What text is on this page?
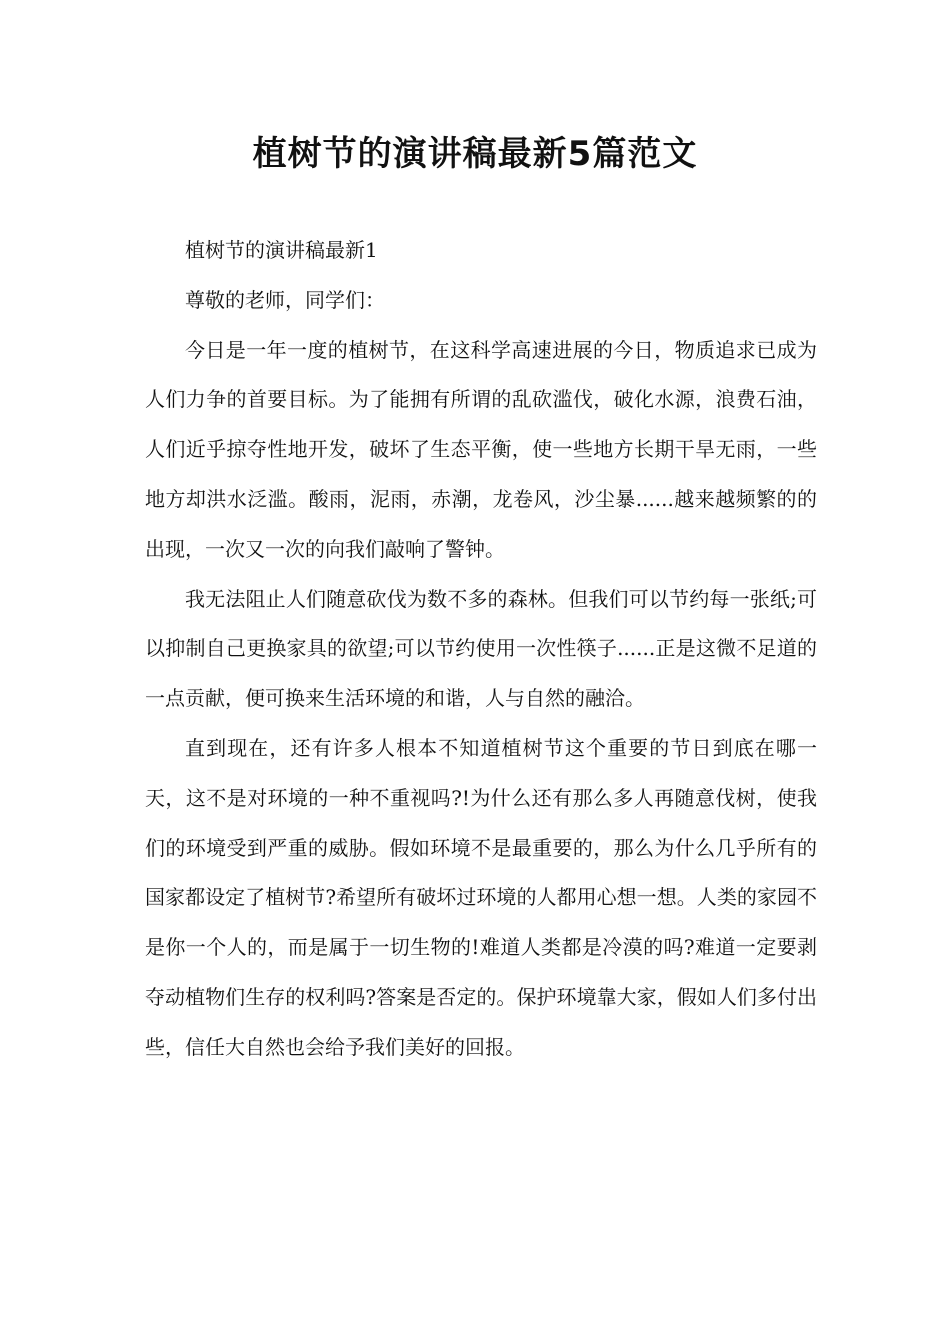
植树节的演讲稿最新5篇范文

植树节的演讲稿最新1

尊敬的老师，同学们：

今日是一年一度的植树节，在这科学高速进展的今日，物质追求已成为人们力争的首要目标。为了能拥有所谓的乱砍滥伐，破化水源，浪费石油，人们近乎掠夺性地开发，破坏了生态平衡，使一些地方长期干旱无雨，一些地方却洪水泛滥。酸雨，泥雨，赤潮，龙卷风，沙尘暴......越来越频繁的的出现，一次又一次的向我们敲响了警钟。

我无法阻止人们随意砍伐为数不多的森林。但我们可以节约每一张纸;可以抑制自己更换家具的欲望;可以节约使用一次性筷子......正是这微不足道的一点贡献，便可换来生活环境的和谐，人与自然的融洽。

直到现在，还有许多人根本不知道植树节这个重要的节日到底在哪一天，这不是对环境的一种不重视吗?!为什么还有那么多人再随意伐树，使我们的环境受到严重的威胁。假如环境不是最重要的，那么为什么几乎所有的国家都设定了植树节?希望所有破坏过环境的人都用心想一想。人类的家园不是你一个人的，而是属于一切生物的!难道人类都是冷漠的吗?难道一定要剥夺动植物们生存的权利吗?答案是否定的。保护环境靠大家，假如人们多付出些，信任大自然也会给予我们美好的回报。
